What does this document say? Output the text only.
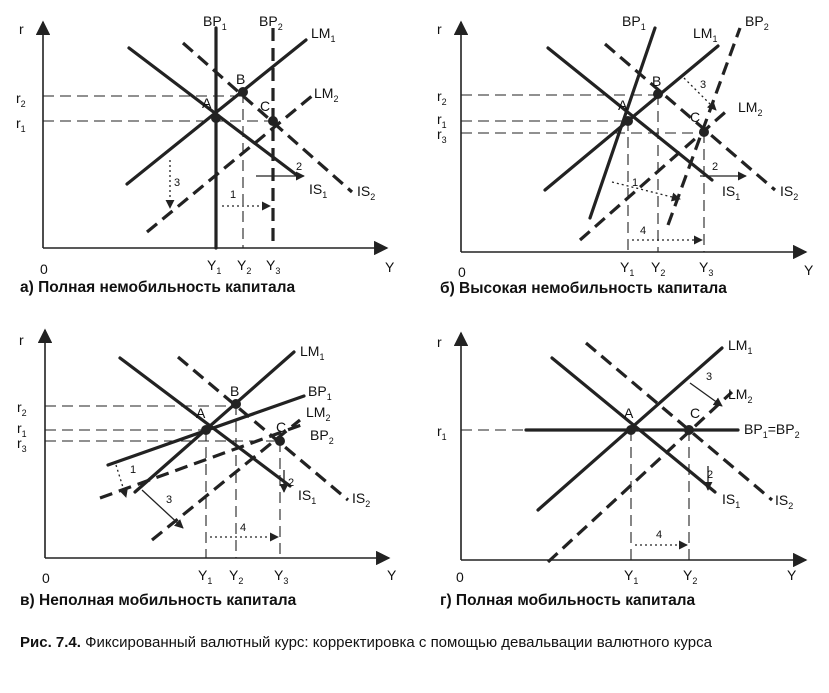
r
Y
0
$r_2$
$r_1$
$Y_1$ $Y_2$ $Y_3$
$BP_1$ $BP_2$ $LM_1$
$LM_2$
$IS_1$ $IS_2$
A
B
C
1
2
3
а) Полная немобильность капитала
r
Y
0
$r_2$
$r_1$
$r_3$
$Y_1$ $Y_2$ $Y_3$
$BP_1$	$BP_2$
$LM_1$
$LM_2$
$IS_1$	$IS_2$
A
B
C
1
2
3
4
б) Высокая немобильность капитала
r
Y
0
$r_2$
$r_1$
$r_3$
$Y_1$ $Y_2$ $Y_3$
$LM_1$
$BP_1$
$LM_2$
$BP_2$
$IS_1$	$IS_2$
A
B
C
1
2
3
4
в) Неполная мобильность капитала
r
Y
0
$r_1$
$Y_1$	$Y_2$
$LM_1$
$LM_2$
$BP_1=BP_2$
$IS_1$ $IS_2$
A	C
2
3
4
г) Полная мобильность капитала
Рис. 7.4. Фиксированный валютный курс: корректировка с помощью девальвации валютного курса
